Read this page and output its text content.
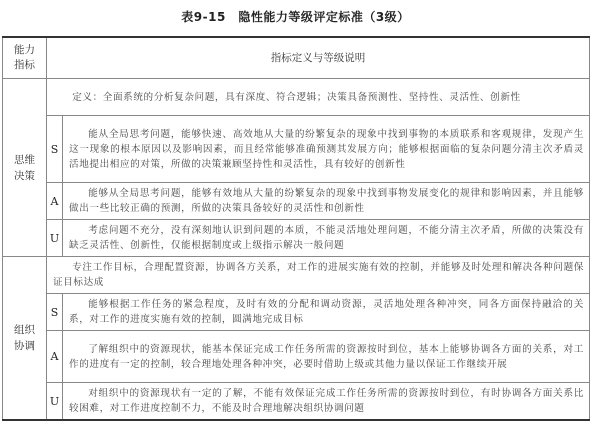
表9-15　隐性能力等级评定标准（3级）
能力
指标	指标定义与等级说明	
思维
决策	定义：全面系统的分析复杂问题，具有深度、符合逻辑；决策具备预测性、坚持性、灵活性、创新性	
	S	能从全局思考问题，能够快速、高效地从大量的纷繁复杂的现象中找到事物的本质联系和客观规律，发现产生这一现象的根本原因以及影响因素，而且经常能够准确预测其发展方向；能够根据面临的复杂问题分清主次矛盾灵活地提出相应的对策，所做的决策兼顾坚持性和灵活性，具有较好的创新性
	A	能够从全局思考问题，能够有效地从大量的纷繁复杂的现象中找到事物发展变化的规律和影响因素，并且能够做出一些比较正确的预测，所做的决策具备较好的灵活性和创新性
	U	考虑问题不充分，没有深刻地认识到问题的本质，不能灵活地处理问题，不能分清主次矛盾，所做的决策没有缺乏灵活性、创新性，仅能根据制度或上级指示解决一般问题
组织
协调	专注工作目标，合理配置资源，协调各方关系，对工作的进展实施有效的控制，并能够及时处理和解决各种问题保证目标达成	
	S	能够根据工作任务的紧急程度，及时有效的分配和调动资源，灵活地处理各种冲突，同各方面保持融洽的关系，对工作的进度实施有效的控制，圆满地完成目标
	A	了解组织中的资源现状，能基本保证完成工作任务所需的资源按时到位，基本上能够协调各方面的关系，对工作的进度有一定的控制，较合理地处理各种冲突，必要时借助上级或其他力量以保证工作继续开展
	U	对组织中的资源现状有一定的了解，不能有效保证完成工作任务所需的资源按时到位，有时协调各方面关系比较困难，对工作进度控制不力，不能及时合理地解决组织协调问题
